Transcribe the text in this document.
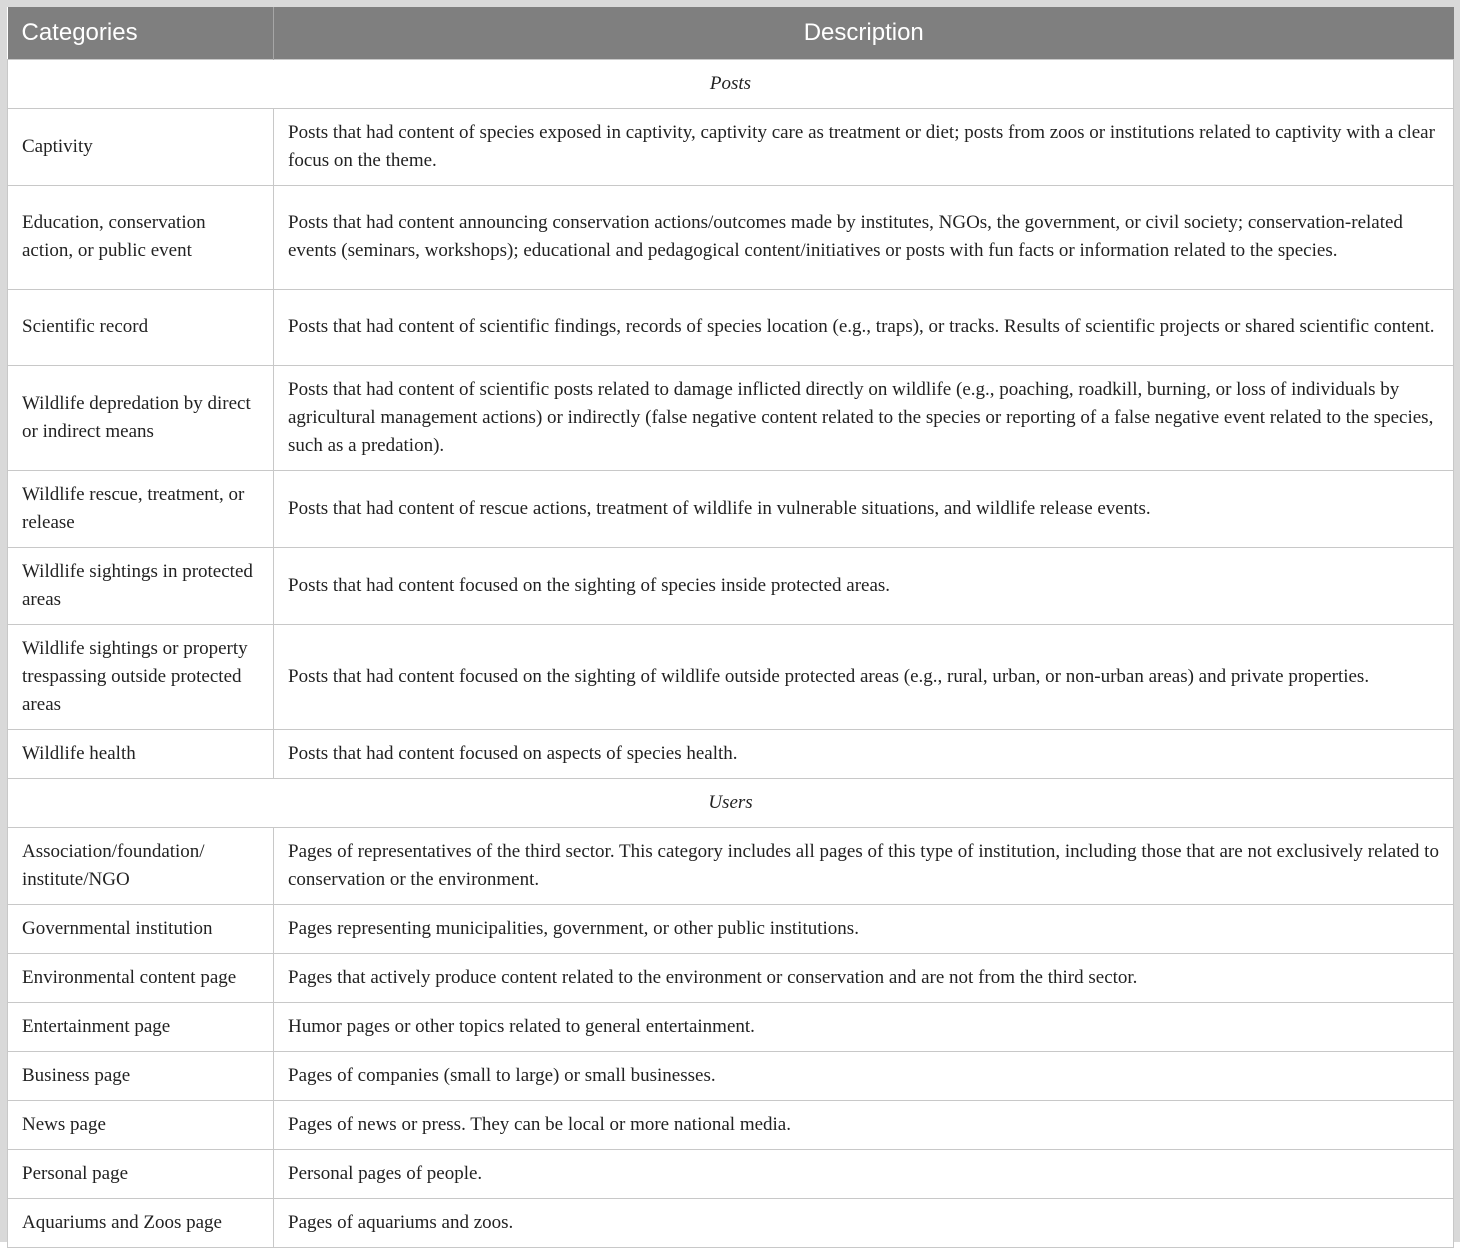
Categories	Description
Posts	
Captivity	Posts that had content of species exposed in captivity, captivity care as treatment or diet; posts from zoos or institutions related to captivity with a clear focus on the theme.
Education, conservation action, or public event	Posts that had content announcing conservation actions/outcomes made by institutes, NGOs, the government, or civil society; conservation-related events (seminars, workshops); educational and pedagogical content/initiatives or posts with fun facts or information related to the species.
Scientific record	Posts that had content of scientific findings, records of species location (e.g., traps), or tracks. Results of scientific projects or shared scientific content.
Wildlife depredation by direct or indirect means	Posts that had content of scientific posts related to damage inflicted directly on wildlife (e.g., poaching, roadkill, burning, or loss of individuals by agricultural management actions) or indirectly (false negative content related to the species or reporting of a false negative event related to the species, such as a predation).
Wildlife rescue, treatment, or release	Posts that had content of rescue actions, treatment of wildlife in vulnerable situations, and wildlife release events.
Wildlife sightings in protected areas	Posts that had content focused on the sighting of species inside protected areas.
Wildlife sightings or property trespassing outside protected areas	Posts that had content focused on the sighting of wildlife outside protected areas (e.g., rural, urban, or non-urban areas) and private properties.
Wildlife health	Posts that had content focused on aspects of species health.
Users	
Association/foundation/ institute/NGO	Pages of representatives of the third sector. This category includes all pages of this type of institution, including those that are not exclusively related to conservation or the environment.
Governmental institution	Pages representing municipalities, government, or other public institutions.
Environmental content page	Pages that actively produce content related to the environment or conservation and are not from the third sector.
Entertainment page	Humor pages or other topics related to general entertainment.
Business page	Pages of companies (small to large) or small businesses.
News page	Pages of news or press. They can be local or more national media.
Personal page	Personal pages of people.
Aquariums and Zoos page	Pages of aquariums and zoos.
